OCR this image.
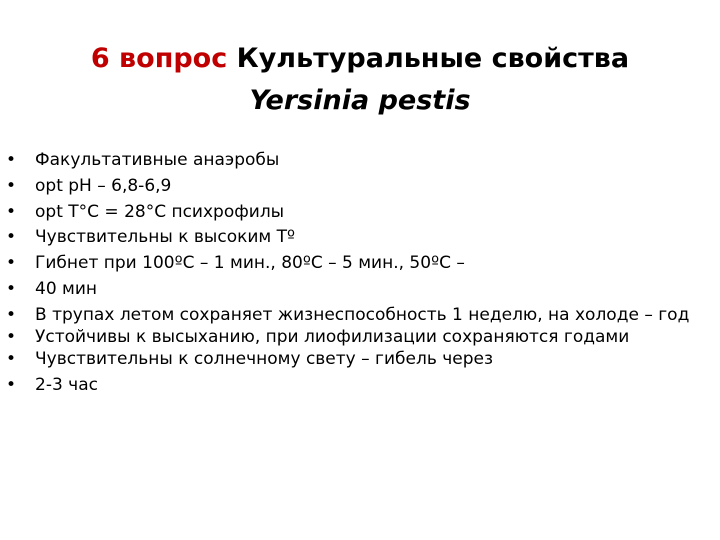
6 вопрос Культуральные свойства
Yersinia pestis
•	Факультативные анаэробы
•	opt pH – 6,8-6,9
•	opt T°C = 28°C психрофилы
•	Чувствительны к высоким Tº
•	Гибнет при 100ºC – 1 мин., 80ºC – 5 мин., 50ºC –
•	40 мин
•	В трупах летом сохраняет жизнеспособность 1 неделю, на холоде – год
•	Устойчивы к высыханию, при лиофилизации сохраняются годами
•	Чувствительны к солнечному свету – гибель через
•	2-3 час
